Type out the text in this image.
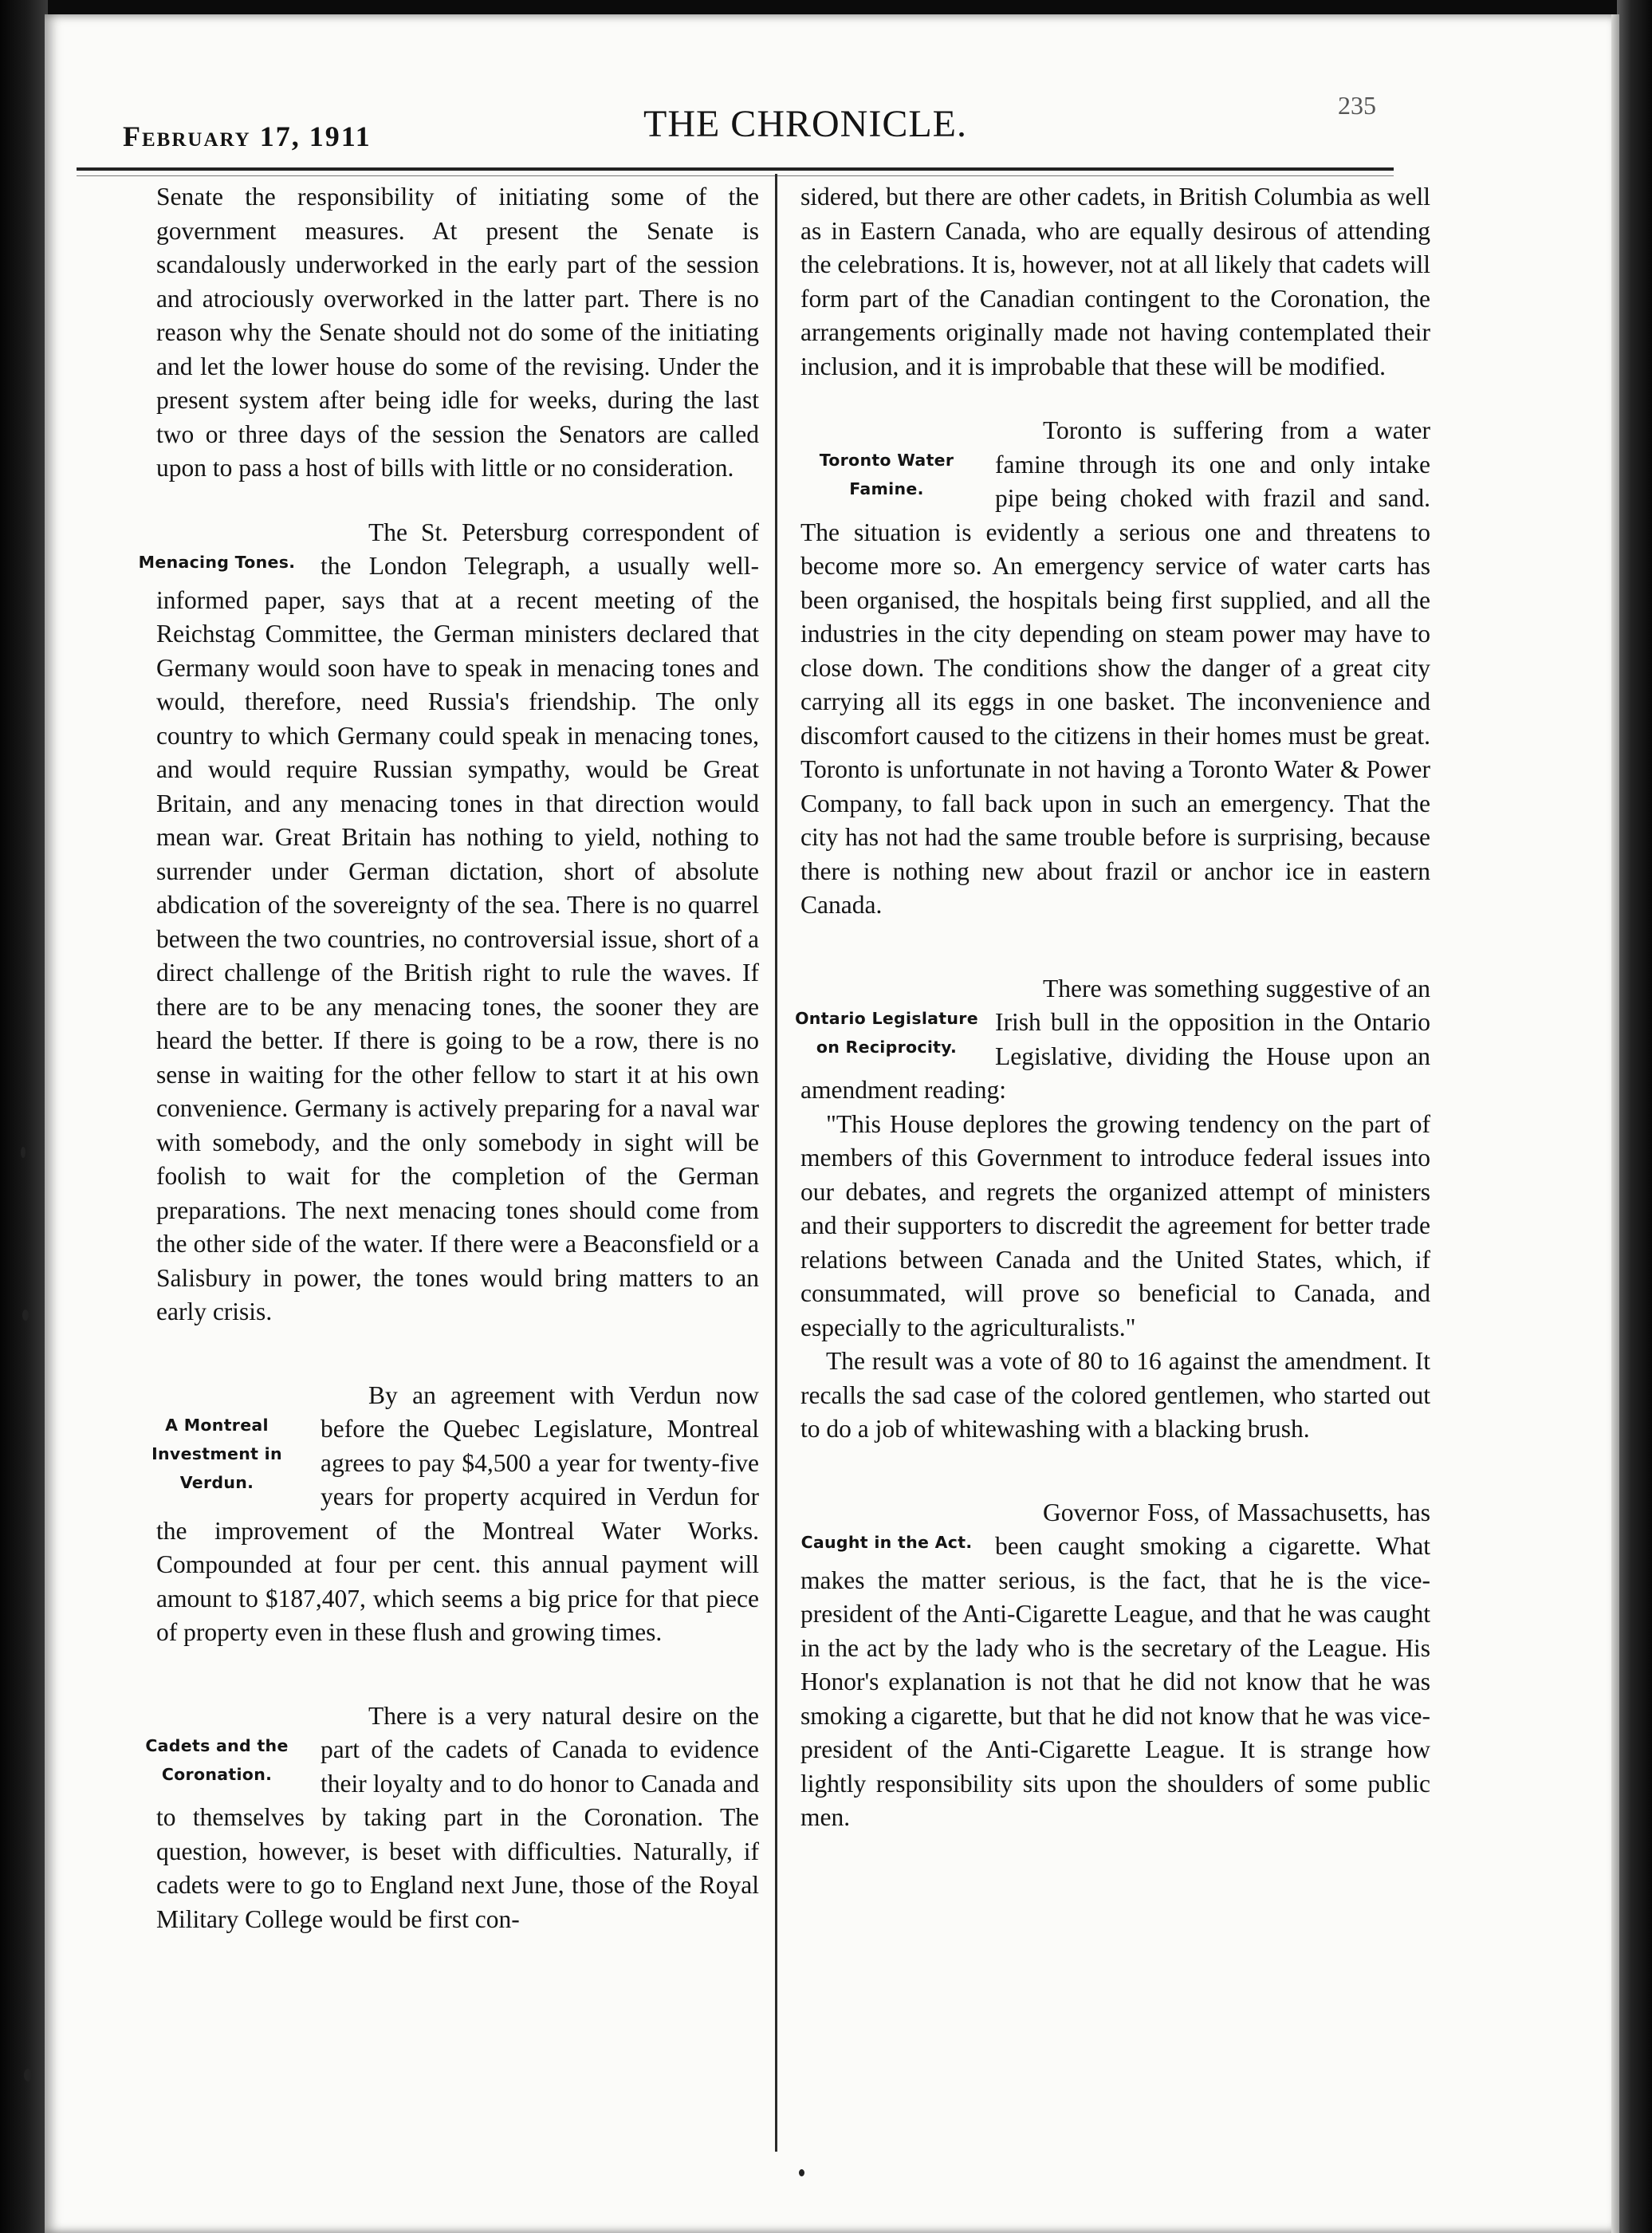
February 17, 1911	THE CHRONICLE.	235

Senate the responsibility of initiating some of the government measures. At present the Senate is scandalously underworked in the early part of the session and atrociously overworked in the latter part. There is no reason why the Senate should not do some of the initiating and let the lower house do some of the revising. Under the present system after being idle for weeks, during the last two or three days of the session the Senators are called upon to pass a host of bills with little or no consideration.

Menacing Tones.

The St. Petersburg correspondent of the London Telegraph, a usually well-informed paper, says that at a recent meeting of the Reichstag Committee, the German ministers declared that Germany would soon have to speak in menacing tones and would, therefore, need Russia's friendship. The only country to which Germany could speak in menacing tones, and would require Russian sympathy, would be Great Britain, and any menacing tones in that direction would mean war. Great Britain has nothing to yield, nothing to surrender under German dictation, short of absolute abdication of the sovereignty of the sea. There is no quarrel between the two countries, no controversial issue, short of a direct challenge of the British right to rule the waves. If there are to be any menacing tones, the sooner they are heard the better. If there is going to be a row, there is no sense in waiting for the other fellow to start it at his own convenience. Germany is actively preparing for a naval war with somebody, and the only somebody in sight will be foolish to wait for the completion of the German preparations. The next menacing tones should come from the other side of the water. If there were a Beaconsfield or a Salisbury in power, the tones would bring matters to an early crisis.

A Montreal Investment in Verdun.

By an agreement with Verdun now before the Quebec Legislature, Montreal agrees to pay $4,500 a year for twenty-five years for property acquired in Verdun for the improvement of the Montreal Water Works. Compounded at four per cent. this annual payment will amount to $187,407, which seems a big price for that piece of property even in these flush and growing times.

Cadets and the Coronation.

There is a very natural desire on the part of the cadets of Canada to evidence their loyalty and to do honor to Canada and to themselves by taking part in the Coronation. The question, however, is beset with difficulties. Naturally, if cadets were to go to England next June, those of the Royal Military College would be first con-

sidered, but there are other cadets, in British Columbia as well as in Eastern Canada, who are equally desirous of attending the celebrations. It is, however, not at all likely that cadets will form part of the Canadian contingent to the Coronation, the arrangements originally made not having contemplated their inclusion, and it is improbable that these will be modified.

Toronto Water Famine.

Toronto is suffering from a water famine through its one and only intake pipe being choked with frazil and sand. The situation is evidently a serious one and threatens to become more so. An emergency service of water carts has been organised, the hospitals being first supplied, and all the industries in the city depending on steam power may have to close down. The conditions show the danger of a great city carrying all its eggs in one basket. The inconvenience and discomfort caused to the citizens in their homes must be great. Toronto is unfortunate in not having a Toronto Water & Power Company, to fall back upon in such an emergency. That the city has not had the same trouble before is surprising, because there is nothing new about frazil or anchor ice in eastern Canada.

Ontario Legislature on Reciprocity.

There was something suggestive of an Irish bull in the opposition in the Ontario Legislative, dividing the House upon an amendment reading:

"This House deplores the growing tendency on the part of members of this Government to introduce federal issues into our debates, and regrets the organized attempt of ministers and their supporters to discredit the agreement for better trade relations between Canada and the United States, which, if consummated, will prove so beneficial to Canada, and especially to the agriculturalists."

The result was a vote of 80 to 16 against the amendment. It recalls the sad case of the colored gentlemen, who started out to do a job of whitewashing with a blacking brush.

Caught in the Act.

Governor Foss, of Massachusetts, has been caught smoking a cigarette. What makes the matter serious, is the fact, that he is the vice-president of the Anti-Cigarette League, and that he was caught in the act by the lady who is the secretary of the League. His Honor's explanation is not that he did not know that he was smoking a cigarette, but that he did not know that he was vice-president of the Anti-Cigarette League. It is strange how lightly responsibility sits upon the shoulders of some public men.
